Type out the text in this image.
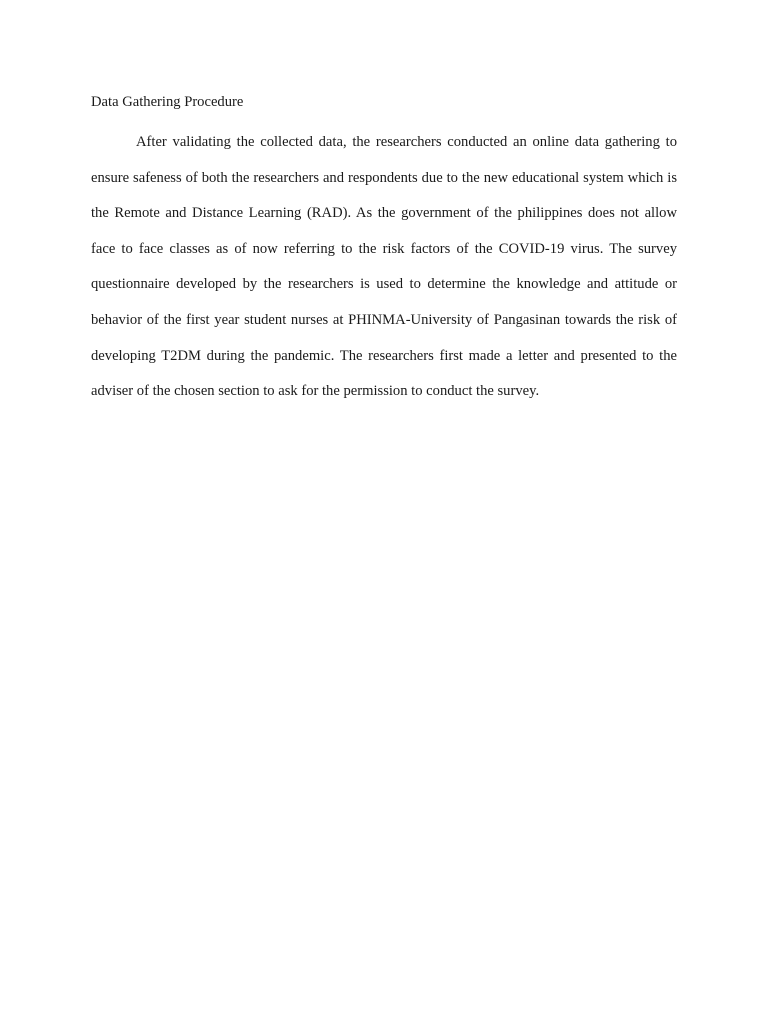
Data Gathering Procedure

After validating the collected data, the researchers conducted an online data gathering to ensure safeness of both the researchers and respondents due to the new educational system which is the Remote and Distance Learning (RAD). As the government of the philippines does not allow face to face classes as of now referring to the risk factors of the COVID-19 virus. The survey questionnaire developed by the researchers is used to determine the knowledge and attitude or behavior of the first year student nurses at PHINMA-University of Pangasinan towards the risk of developing T2DM during the pandemic. The researchers first made a letter and presented to the adviser of the chosen section to ask for the permission to conduct the survey.
